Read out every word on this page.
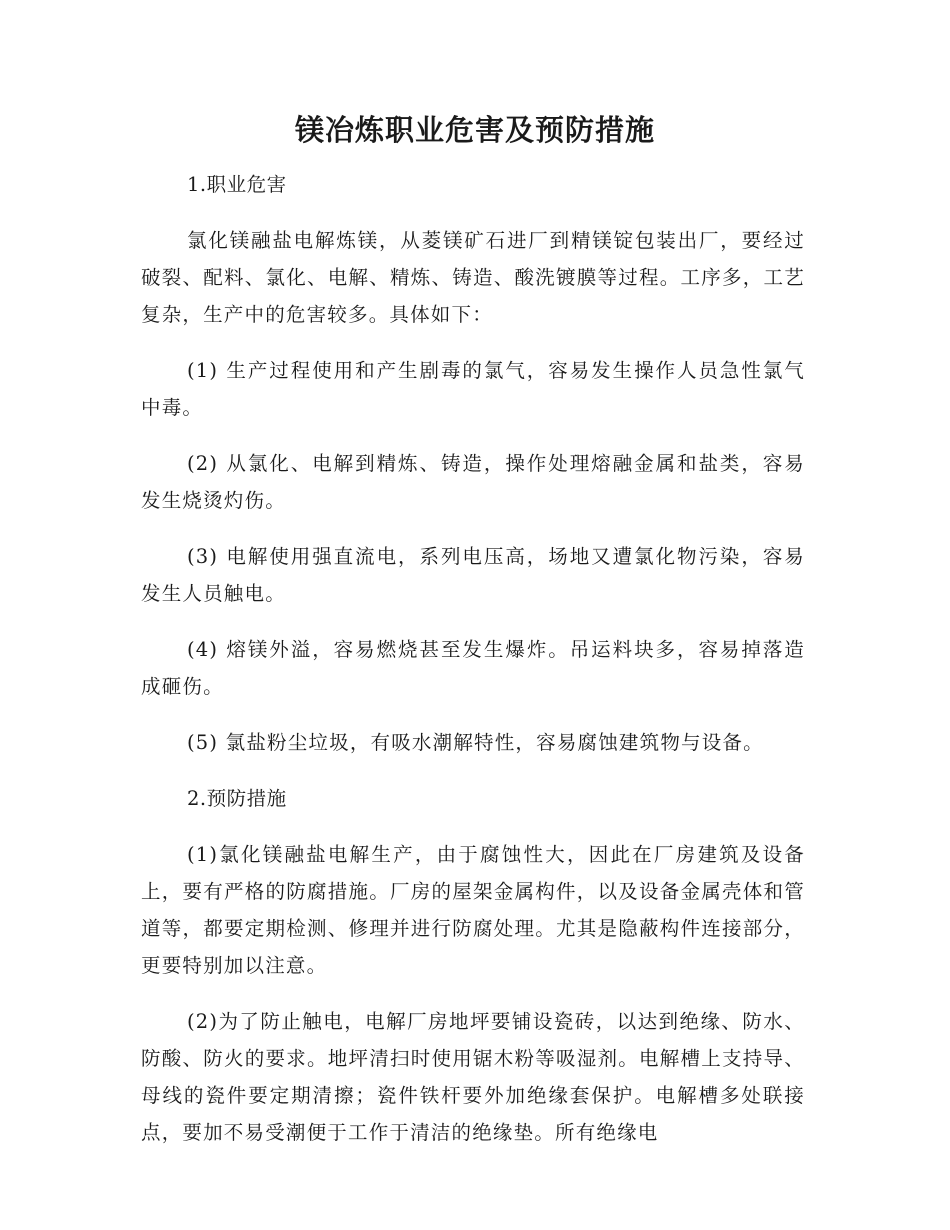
镁冶炼职业危害及预防措施
1.职业危害

氯化镁融盐电解炼镁，从菱镁矿石进厂到精镁锭包装出厂，要经过破裂、配料、氯化、电解、精炼、铸造、酸洗镀膜等过程。工序多，工艺复杂，生产中的危害较多。具体如下：

(1) 生产过程使用和产生剧毒的氯气，容易发生操作人员急性氯气中毒。

(2) 从氯化、电解到精炼、铸造，操作处理熔融金属和盐类，容易发生烧烫灼伤。

(3) 电解使用强直流电，系列电压高，场地又遭氯化物污染，容易发生人员触电。

(4) 熔镁外溢，容易燃烧甚至发生爆炸。吊运料块多，容易掉落造成砸伤。

(5) 氯盐粉尘垃圾，有吸水潮解特性，容易腐蚀建筑物与设备。

2.预防措施

(1)氯化镁融盐电解生产，由于腐蚀性大，因此在厂房建筑及设备上，要有严格的防腐措施。厂房的屋架金属构件，以及设备金属壳体和管道等，都要定期检测、修理并进行防腐处理。尤其是隐蔽构件连接部分，更要特别加以注意。

(2)为了防止触电，电解厂房地坪要铺设瓷砖，以达到绝缘、防水、防酸、防火的要求。地坪清扫时使用锯木粉等吸湿剂。电解槽上支持导、母线的瓷件要定期清擦；瓷件铁杆要外加绝缘套保护。电解槽多处联接点，要加不易受潮便于工作于清洁的绝缘垫。所有绝缘电
